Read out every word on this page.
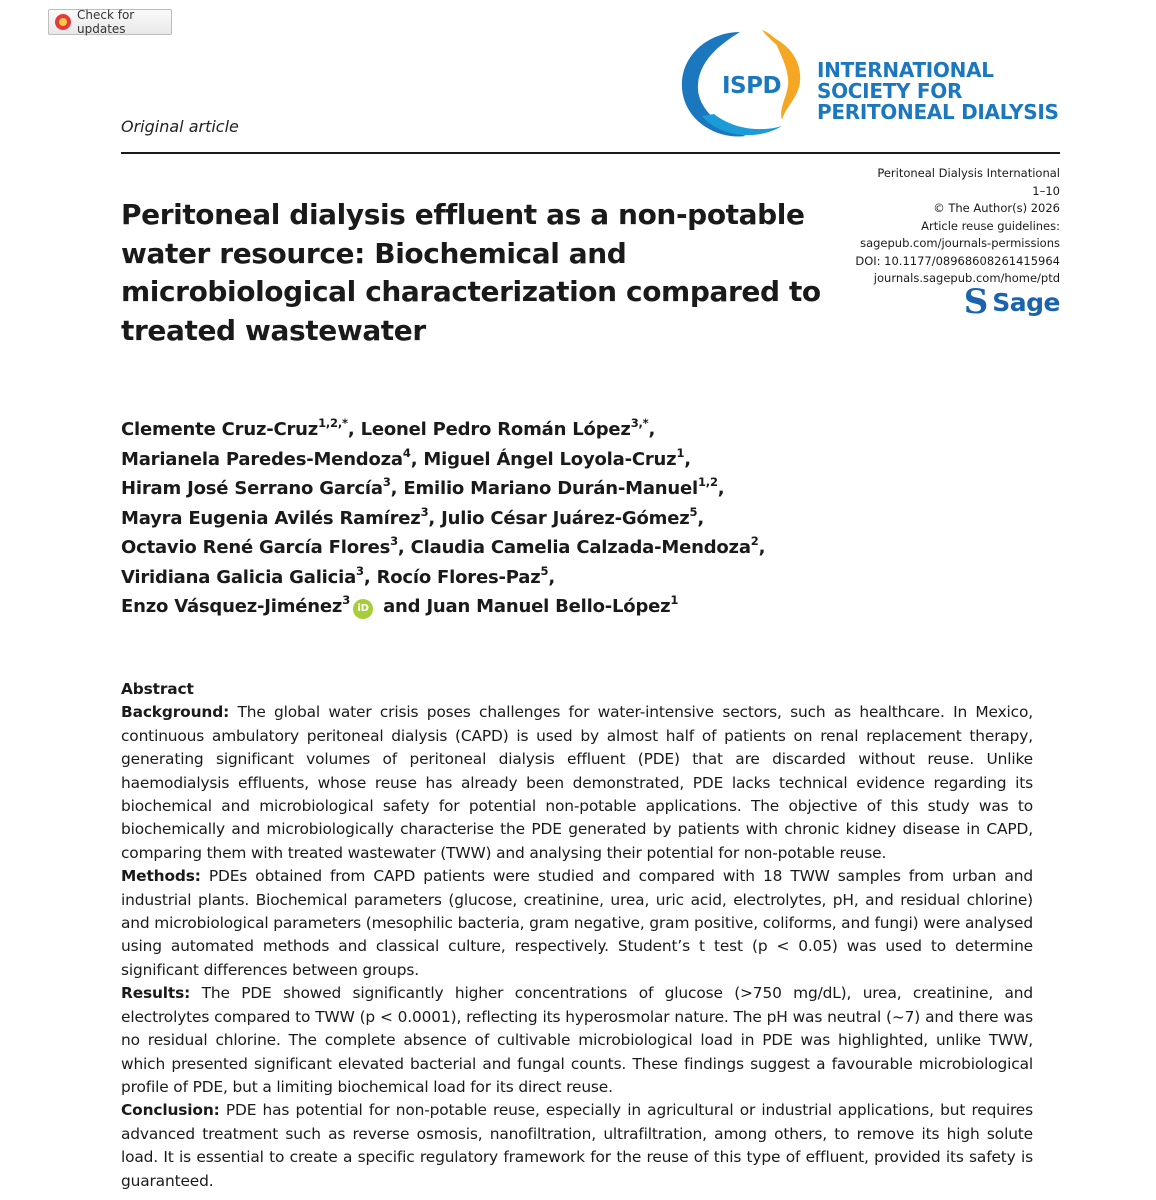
Check for updates
ISPD
INTERNATIONAL
SOCIETY FOR
PERITONEAL DIALYSIS
Original article
Peritoneal Dialysis International
1–10
© The Author(s) 2026
Article reuse guidelines:
sagepub.com/journals-permissions
DOI: 10.1177/08968608261415964
journals.sagepub.com/home/ptd
S Sage
Peritoneal dialysis effluent as a non-potable water resource: Biochemical and microbiological characterization compared to treated wastewater
Clemente Cruz-Cruz$^{1,2,*}$, Leonel Pedro Román López$^{3,*}$,
Marianela Paredes-Mendoza$^4$, Miguel Ángel Loyola-Cruz$^1$,
Hiram José Serrano García$^3$, Emilio Mariano Durán-Manuel$^{1,2}$,
Mayra Eugenia Avilés Ramírez$^3$, Julio César Juárez-Gómez$^5$,
Octavio René García Flores$^3$, Claudia Camelia Calzada-Mendoza$^2$,
Viridiana Galicia Galicia$^3$, Rocío Flores-Paz$^5$,
Enzo Vásquez-Jiménez$^3$iD and Juan Manuel Bello-López$^1$
Abstract

Background: The global water crisis poses challenges for water-intensive sectors, such as healthcare. In Mexico, continuous ambulatory peritoneal dialysis (CAPD) is used by almost half of patients on renal replacement therapy, generating significant volumes of peritoneal dialysis effluent (PDE) that are discarded without reuse. Unlike haemodialysis effluents, whose reuse has already been demonstrated, PDE lacks technical evidence regarding its biochemical and microbiological safety for potential non-potable applications. The objective of this study was to biochemically and microbiologically characterise the PDE generated by patients with chronic kidney disease in CAPD, comparing them with treated wastewater (TWW) and analysing their potential for non-potable reuse.

Methods: PDEs obtained from CAPD patients were studied and compared with 18 TWW samples from urban and industrial plants. Biochemical parameters (glucose, creatinine, urea, uric acid, electrolytes, pH, and residual chlorine) and microbiological parameters (mesophilic bacteria, gram negative, gram positive, coliforms, and fungi) were analysed using automated methods and classical culture, respectively. Student’s t test (p < 0.05) was used to determine significant differences between groups.

Results: The PDE showed significantly higher concentrations of glucose (>750 mg/dL), urea, creatinine, and electrolytes compared to TWW (p < 0.0001), reflecting its hyperosmolar nature. The pH was neutral (~7) and there was no residual chlorine. The complete absence of cultivable microbiological load in PDE was highlighted, unlike TWW, which presented significant elevated bacterial and fungal counts. These findings suggest a favourable microbiological profile of PDE, but a limiting biochemical load for its direct reuse.

Conclusion: PDE has potential for non-potable reuse, especially in agricultural or industrial applications, but requires advanced treatment such as reverse osmosis, nanofiltration, ultrafiltration, among others, to remove its high solute load. It is essential to create a specific regulatory framework for the reuse of this type of effluent, provided its safety is guaranteed.
